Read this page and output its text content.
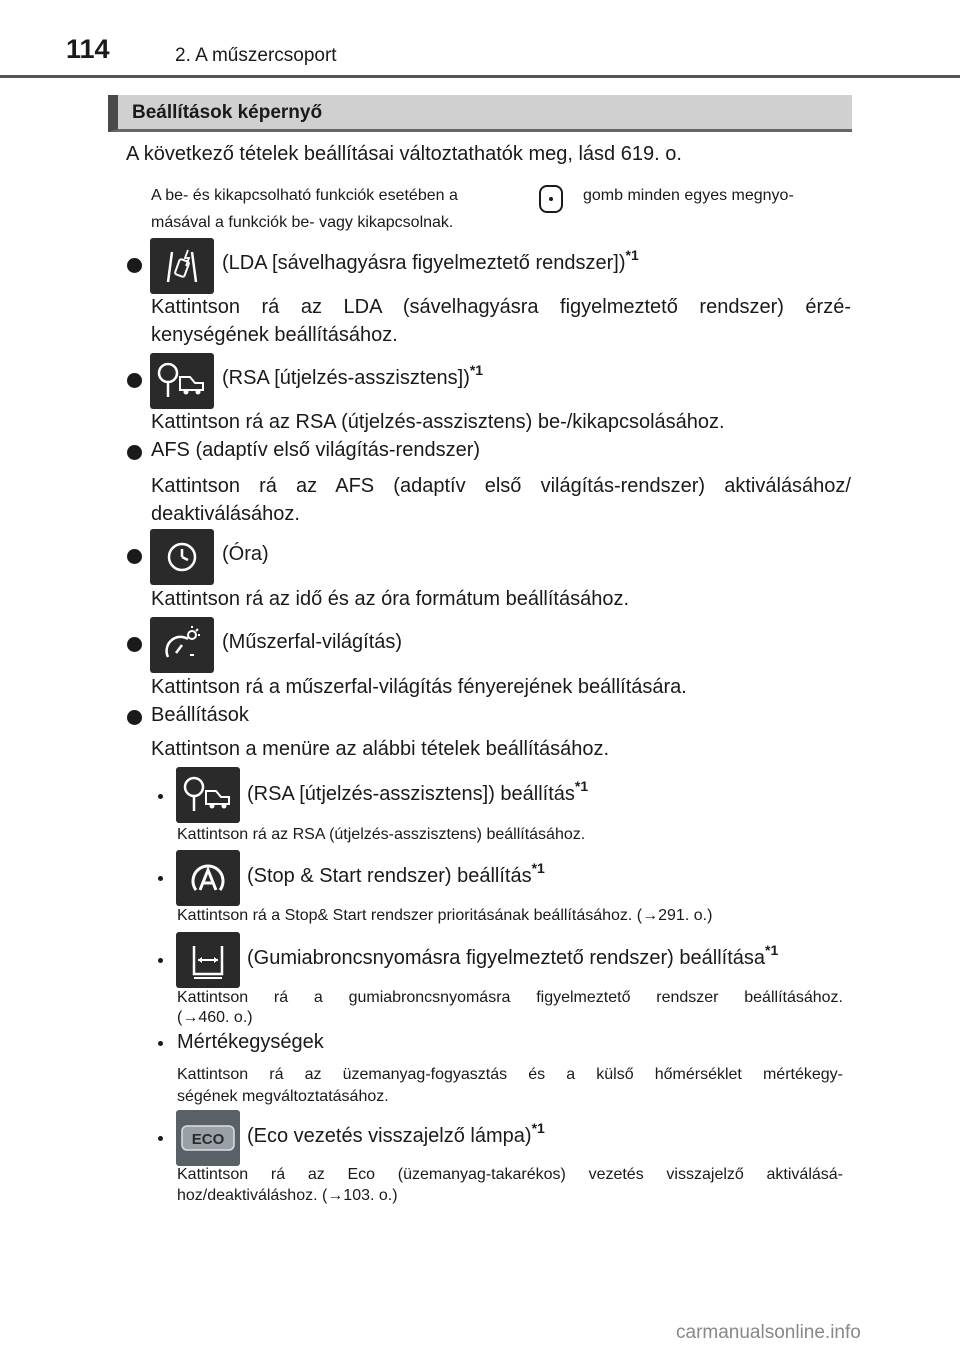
114	2. A műszercsoport
Beállítások képernyő
A következő tételek beállításai változtathatók meg, lásd 619. o.
A be- és kikapcsolható funkciók esetében a	gomb minden egyes megnyo-
másával a funkciók be- vagy kikapcsolnak.
(LDA [sávelhagyásra figyelmeztető rendszer])$^{*1}$
Kattintson rá az LDA (sávelhagyásra figyelmeztető rendszer) érzé-
kenységének beállításához.
(RSA [útjelzés-asszisztens])$^{*1}$
Kattintson rá az RSA (útjelzés-asszisztens) be-/kikapcsolásához.
AFS (adaptív első világítás-rendszer)
Kattintson rá az AFS (adaptív első világítás-rendszer) aktiválásához/
deaktiválásához.
(Óra)
Kattintson rá az idő és az óra formátum beállításához.
(Műszerfal-világítás)
Kattintson rá a műszerfal-világítás fényerejének beállítására.
Beállítások
Kattintson a menüre az alábbi tételek beállításához.
(RSA [útjelzés-asszisztens]) beállítás$^{*1}$
Kattintson rá az RSA (útjelzés-asszisztens) beállításához.
(Stop & Start rendszer) beállítás$^{*1}$
Kattintson rá a Stop& Start rendszer prioritásának beállításához. (→291. o.)
(Gumiabroncsnyomásra figyelmeztető rendszer) beállítása$^{*1}$
Kattintson rá a gumiabroncsnyomásra figyelmeztető rendszer beállításához.
(→460. o.)
Mértékegységek
Kattintson rá az üzemanyag-fogyasztás és a külső hőmérséklet mértékegy-
ségének megváltoztatásához.
ECO (Eco vezetés visszajelző lámpa)$^{*1}$
Kattintson rá az Eco (üzemanyag-takarékos) vezetés visszajelző aktiválásá-
hoz/deaktiváláshoz. (→103. o.)
carmanualsonline.info
